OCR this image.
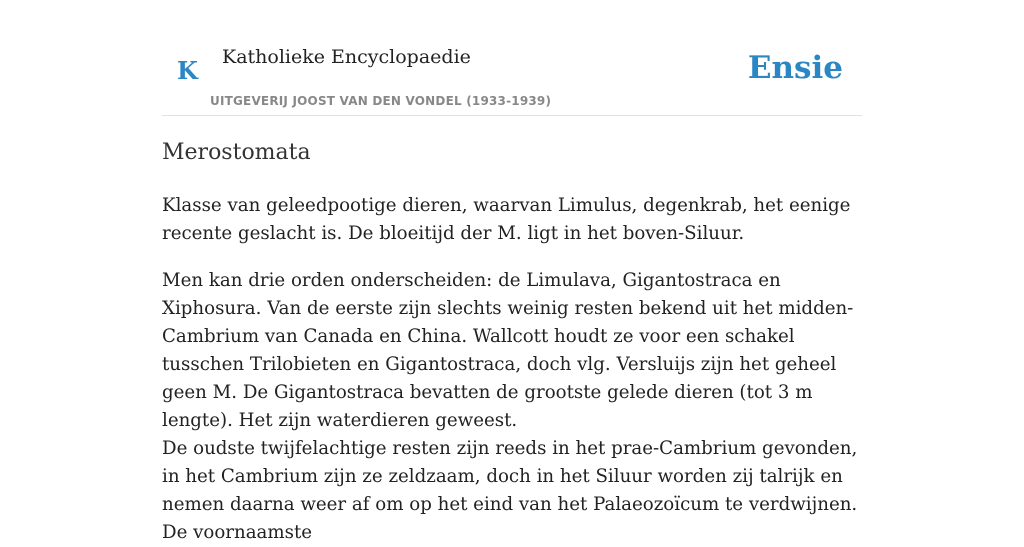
K Katholieke Encyclopaedie
UITGEVERIJ JOOST VAN DEN VONDEL (1933-1939)
Ensie
Merostomata

Klasse van geleedpootige dieren, waarvan Limulus, degenkrab, het eenige recente geslacht is. De bloeitijd der M. ligt in het boven-Siluur.

Men kan drie orden onderscheiden: de Limulava, Gigantostraca en Xiphosura. Van de eerste zijn slechts weinig resten bekend uit het midden-Cambrium van Canada en China. Wallcott houdt ze voor een schakel tusschen Trilobieten en Gigantostraca, doch vlg. Versluijs zijn het geheel geen M. De Gigantostraca bevatten de grootste gelede dieren (tot 3 m lengte). Het zijn waterdieren geweest.

De oudste twijfelachtige resten zijn reeds in het prae-Cambrium gevonden, in het Cambrium zijn ze zeldzaam, doch in het Siluur worden zij talrijk en nemen daarna weer af om op het eind van het Palaeozoïcum te verdwijnen. De voornaamste
